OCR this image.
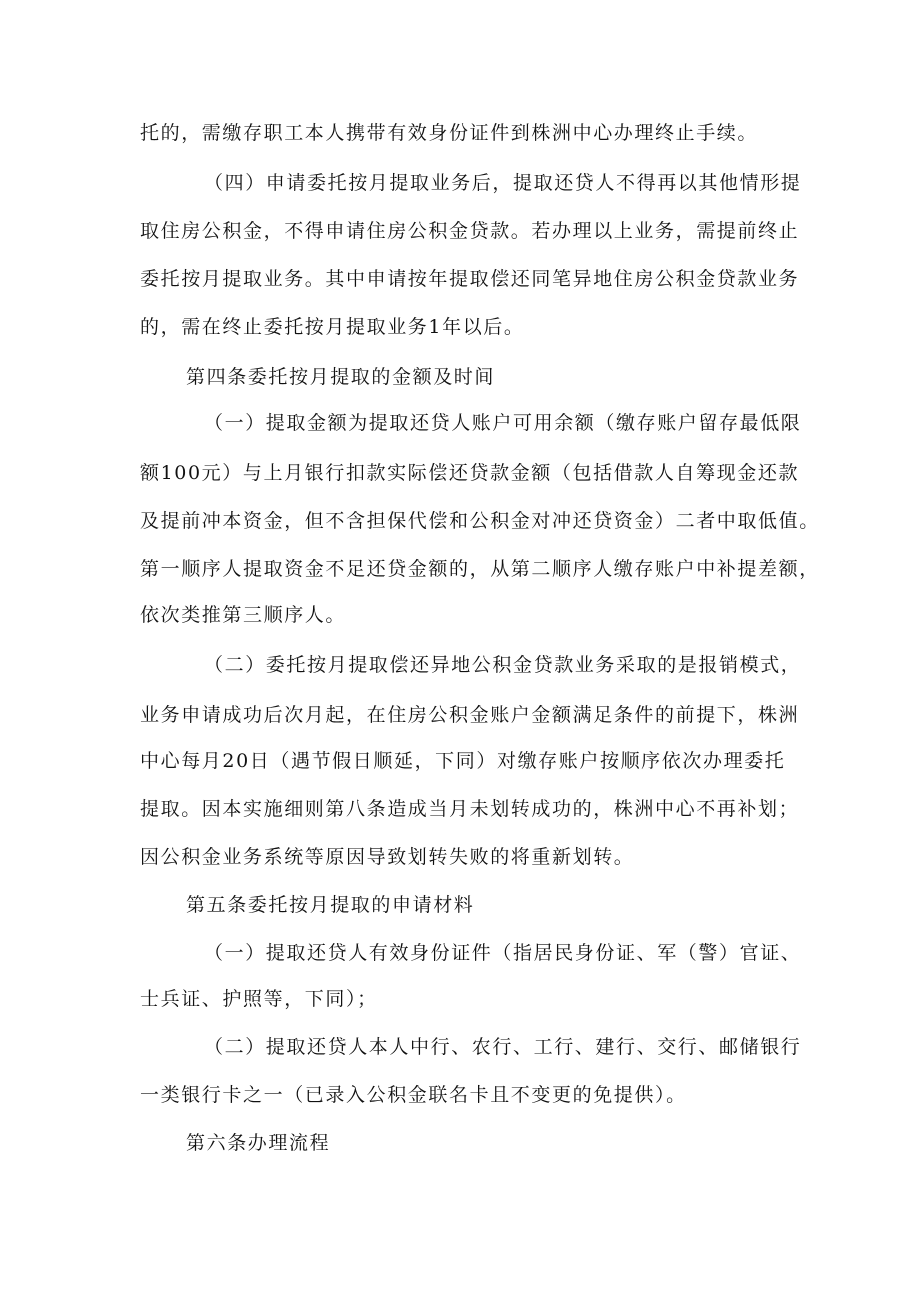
托的，需缴存职工本人携带有效身份证件到株洲中心办理终止手续。
（四）申请委托按月提取业务后，提取还贷人不得再以其他情形提
取住房公积金，不得申请住房公积金贷款。若办理以上业务，需提前终止
委托按月提取业务。其中申请按年提取偿还同笔异地住房公积金贷款业务
的，需在终止委托按月提取业务1年以后。
第四条委托按月提取的金额及时间
（一）提取金额为提取还贷人账户可用余额（缴存账户留存最低限
额100元）与上月银行扣款实际偿还贷款金额（包括借款人自筹现金还款
及提前冲本资金，但不含担保代偿和公积金对冲还贷资金）二者中取低值。
第一顺序人提取资金不足还贷金额的，从第二顺序人缴存账户中补提差额，
依次类推第三顺序人。
（二）委托按月提取偿还异地公积金贷款业务采取的是报销模式，
业务申请成功后次月起，在住房公积金账户金额满足条件的前提下，株洲
中心每月20日（遇节假日顺延，下同）对缴存账户按顺序依次办理委托
提取。因本实施细则第八条造成当月未划转成功的，株洲中心不再补划；
因公积金业务系统等原因导致划转失败的将重新划转。
第五条委托按月提取的申请材料
（一）提取还贷人有效身份证件（指居民身份证、军（警）官证、
士兵证、护照等，下同）；
（二）提取还贷人本人中行、农行、工行、建行、交行、邮储银行
一类银行卡之一（已录入公积金联名卡且不变更的免提供）。
第六条办理流程
